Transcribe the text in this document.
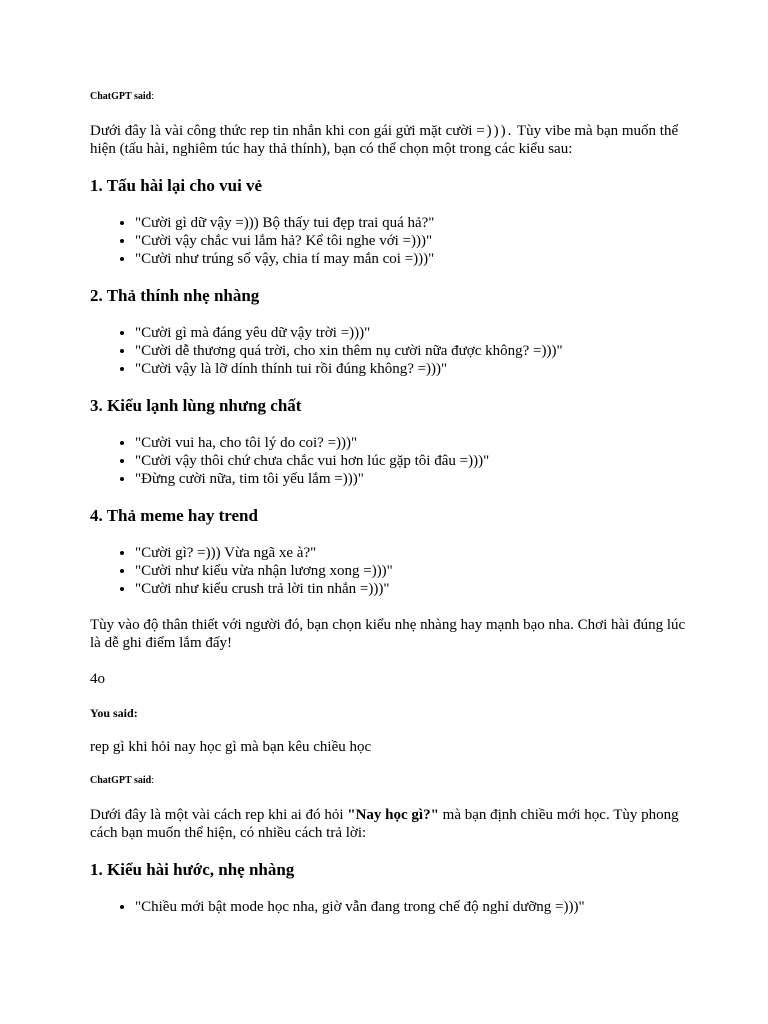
ChatGPT said:

Dưới đây là vài công thức rep tin nhắn khi con gái gửi mặt cười =))). Tùy vibe mà bạn muốn thể hiện (tấu hài, nghiêm túc hay thả thính), bạn có thể chọn một trong các kiểu sau:

1. Tấu hài lại cho vui vẻ
• "Cười gì dữ vậy =))) Bộ thấy tui đẹp trai quá hả?"
• "Cười vậy chắc vui lắm hả? Kể tôi nghe với =)))"
• "Cười như trúng số vậy, chia tí may mắn coi =)))"
2. Thả thính nhẹ nhàng
• "Cười gì mà đáng yêu dữ vậy trời =)))"
• "Cười dễ thương quá trời, cho xin thêm nụ cười nữa được không? =)))"
• "Cười vậy là lỡ dính thính tui rồi đúng không? =)))"
3. Kiểu lạnh lùng nhưng chất
• "Cười vui ha, cho tôi lý do coi? =)))"
• "Cười vậy thôi chứ chưa chắc vui hơn lúc gặp tôi đâu =)))"
• "Đừng cười nữa, tim tôi yếu lắm =)))"
4. Thả meme hay trend
• "Cười gì? =))) Vừa ngã xe à?"
• "Cười như kiểu vừa nhận lương xong =)))"
• "Cười như kiểu crush trả lời tin nhắn =)))"

Tùy vào độ thân thiết với người đó, bạn chọn kiểu nhẹ nhàng hay mạnh bạo nha. Chơi hài đúng lúc là dễ ghi điểm lắm đấy!

4o
You said:

rep gì khi hỏi nay học gì mà bạn kêu chiều học

ChatGPT said:

Dưới đây là một vài cách rep khi ai đó hỏi "Nay học gì?" mà bạn định chiều mới học. Tùy phong cách bạn muốn thể hiện, có nhiều cách trả lời:

1. Kiểu hài hước, nhẹ nhàng
• "Chiều mới bật mode học nha, giờ vẫn đang trong chế độ nghỉ dưỡng =)))"
